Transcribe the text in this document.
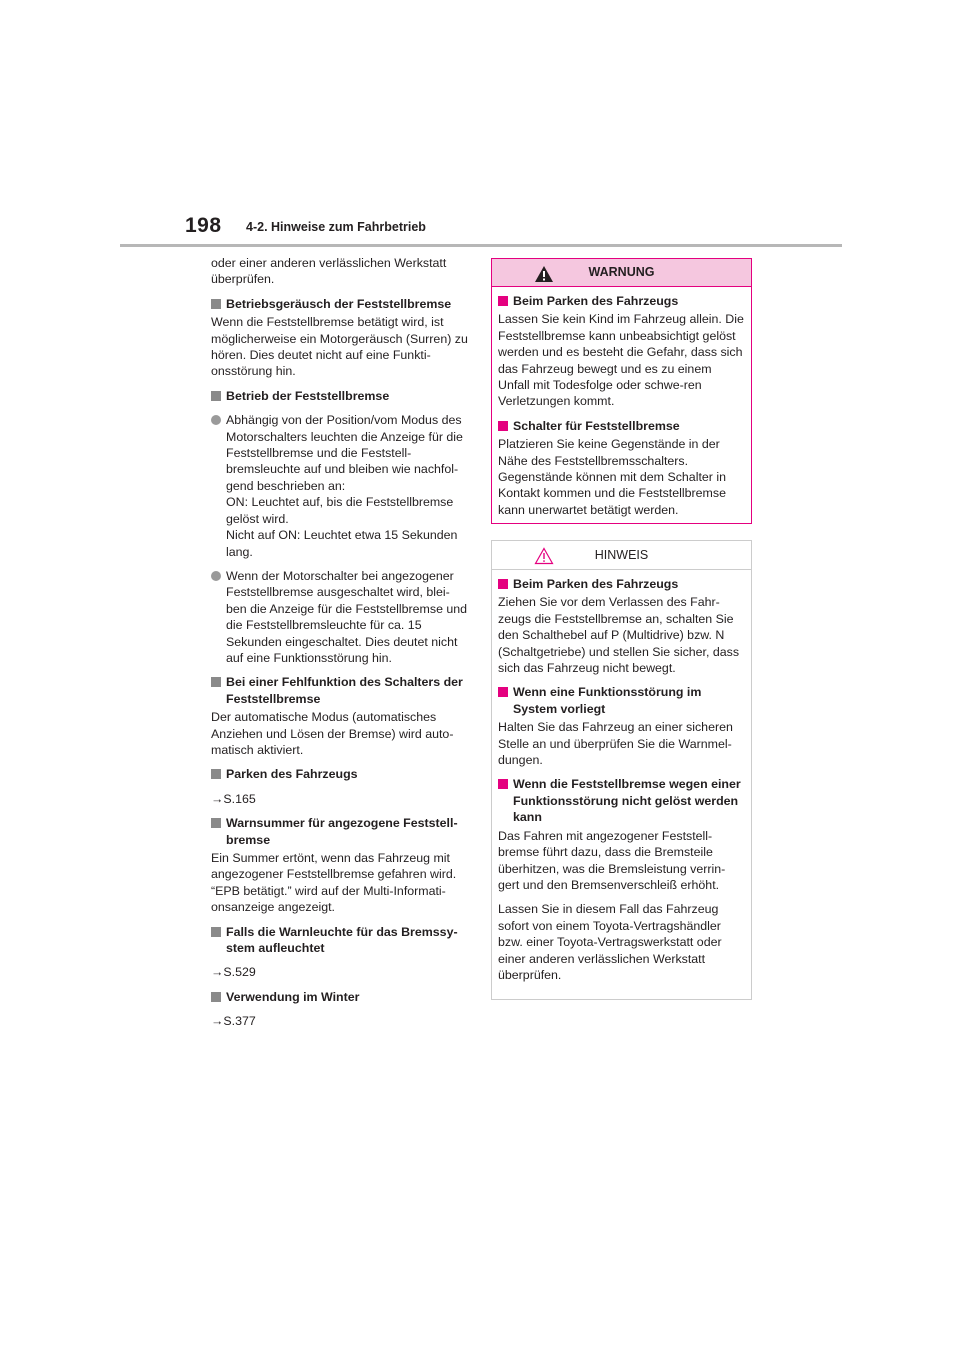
198 4-2. Hinweise zum Fahrbetrieb

oder einer anderen verlässlichen Werkstatt überprüfen.

Betriebsgeräusch der Feststellbremse

Wenn die Feststellbremse betätigt wird, ist möglicherweise ein Motorgeräusch (Surren) zu hören. Dies deutet nicht auf eine Funkti-onsstörung hin.

Betrieb der Feststellbremse
Abhängig von der Position/vom Modus des Motorschalters leuchten die Anzeige für die Feststellbremse und die Feststell-bremsleuchte auf und bleiben wie nachfol-gend beschrieben an:
ON: Leuchtet auf, bis die Feststellbremse gelöst wird.
Nicht auf ON: Leuchtet etwa 15 Sekunden lang.
Wenn der Motorschalter bei angezogener Feststellbremse ausgeschaltet wird, blei-ben die Anzeige für die Feststellbremse und die Feststellbremsleuchte für ca. 15 Sekunden eingeschaltet. Dies deutet nicht auf eine Funktionsstörung hin.
Bei einer Fehlfunktion des Schalters der Feststellbremse

Der automatische Modus (automatisches Anziehen und Lösen der Bremse) wird auto-matisch aktiviert.

Parken des Fahrzeugs

→S.165

Warnsummer für angezogene Feststell-bremse

Ein Summer ertönt, wenn das Fahrzeug mit angezogener Feststellbremse gefahren wird. “EPB betätigt.” wird auf der Multi-Informati-onsanzeige angezeigt.

Falls die Warnleuchte für das Bremssy-stem aufleuchtet

→S.529

Verwendung im Winter

→S.377

WARNUNG
Beim Parken des Fahrzeugs

Lassen Sie kein Kind im Fahrzeug allein. Die Feststellbremse kann unbeabsichtigt gelöst werden und es besteht die Gefahr, dass sich das Fahrzeug bewegt und es zu einem Unfall mit Todesfolge oder schwe-ren Verletzungen kommt.

Schalter für Feststellbremse

Platzieren Sie keine Gegenstände in der Nähe des Feststellbremsschalters. Gegenstände können mit dem Schalter in Kontakt kommen und die Feststellbremse kann unerwartet betätigt werden.

HINWEIS
Beim Parken des Fahrzeugs

Ziehen Sie vor dem Verlassen des Fahr-zeugs die Feststellbremse an, schalten Sie den Schalthebel auf P (Multidrive) bzw. N (Schaltgetriebe) und stellen Sie sicher, dass sich das Fahrzeug nicht bewegt.

Wenn eine Funktionsstörung im System vorliegt

Halten Sie das Fahrzeug an einer sicheren Stelle an und überprüfen Sie die Warnmel-dungen.

Wenn die Feststellbremse wegen einer Funktionsstörung nicht gelöst werden kann

Das Fahren mit angezogener Feststell-bremse führt dazu, dass die Bremsteile überhitzen, was die Bremsleistung verrin-gert und den Bremsenverschleiß erhöht.

Lassen Sie in diesem Fall das Fahrzeug sofort von einem Toyota-Vertragshändler bzw. einer Toyota-Vertragswerkstatt oder einer anderen verlässlichen Werkstatt überprüfen.
